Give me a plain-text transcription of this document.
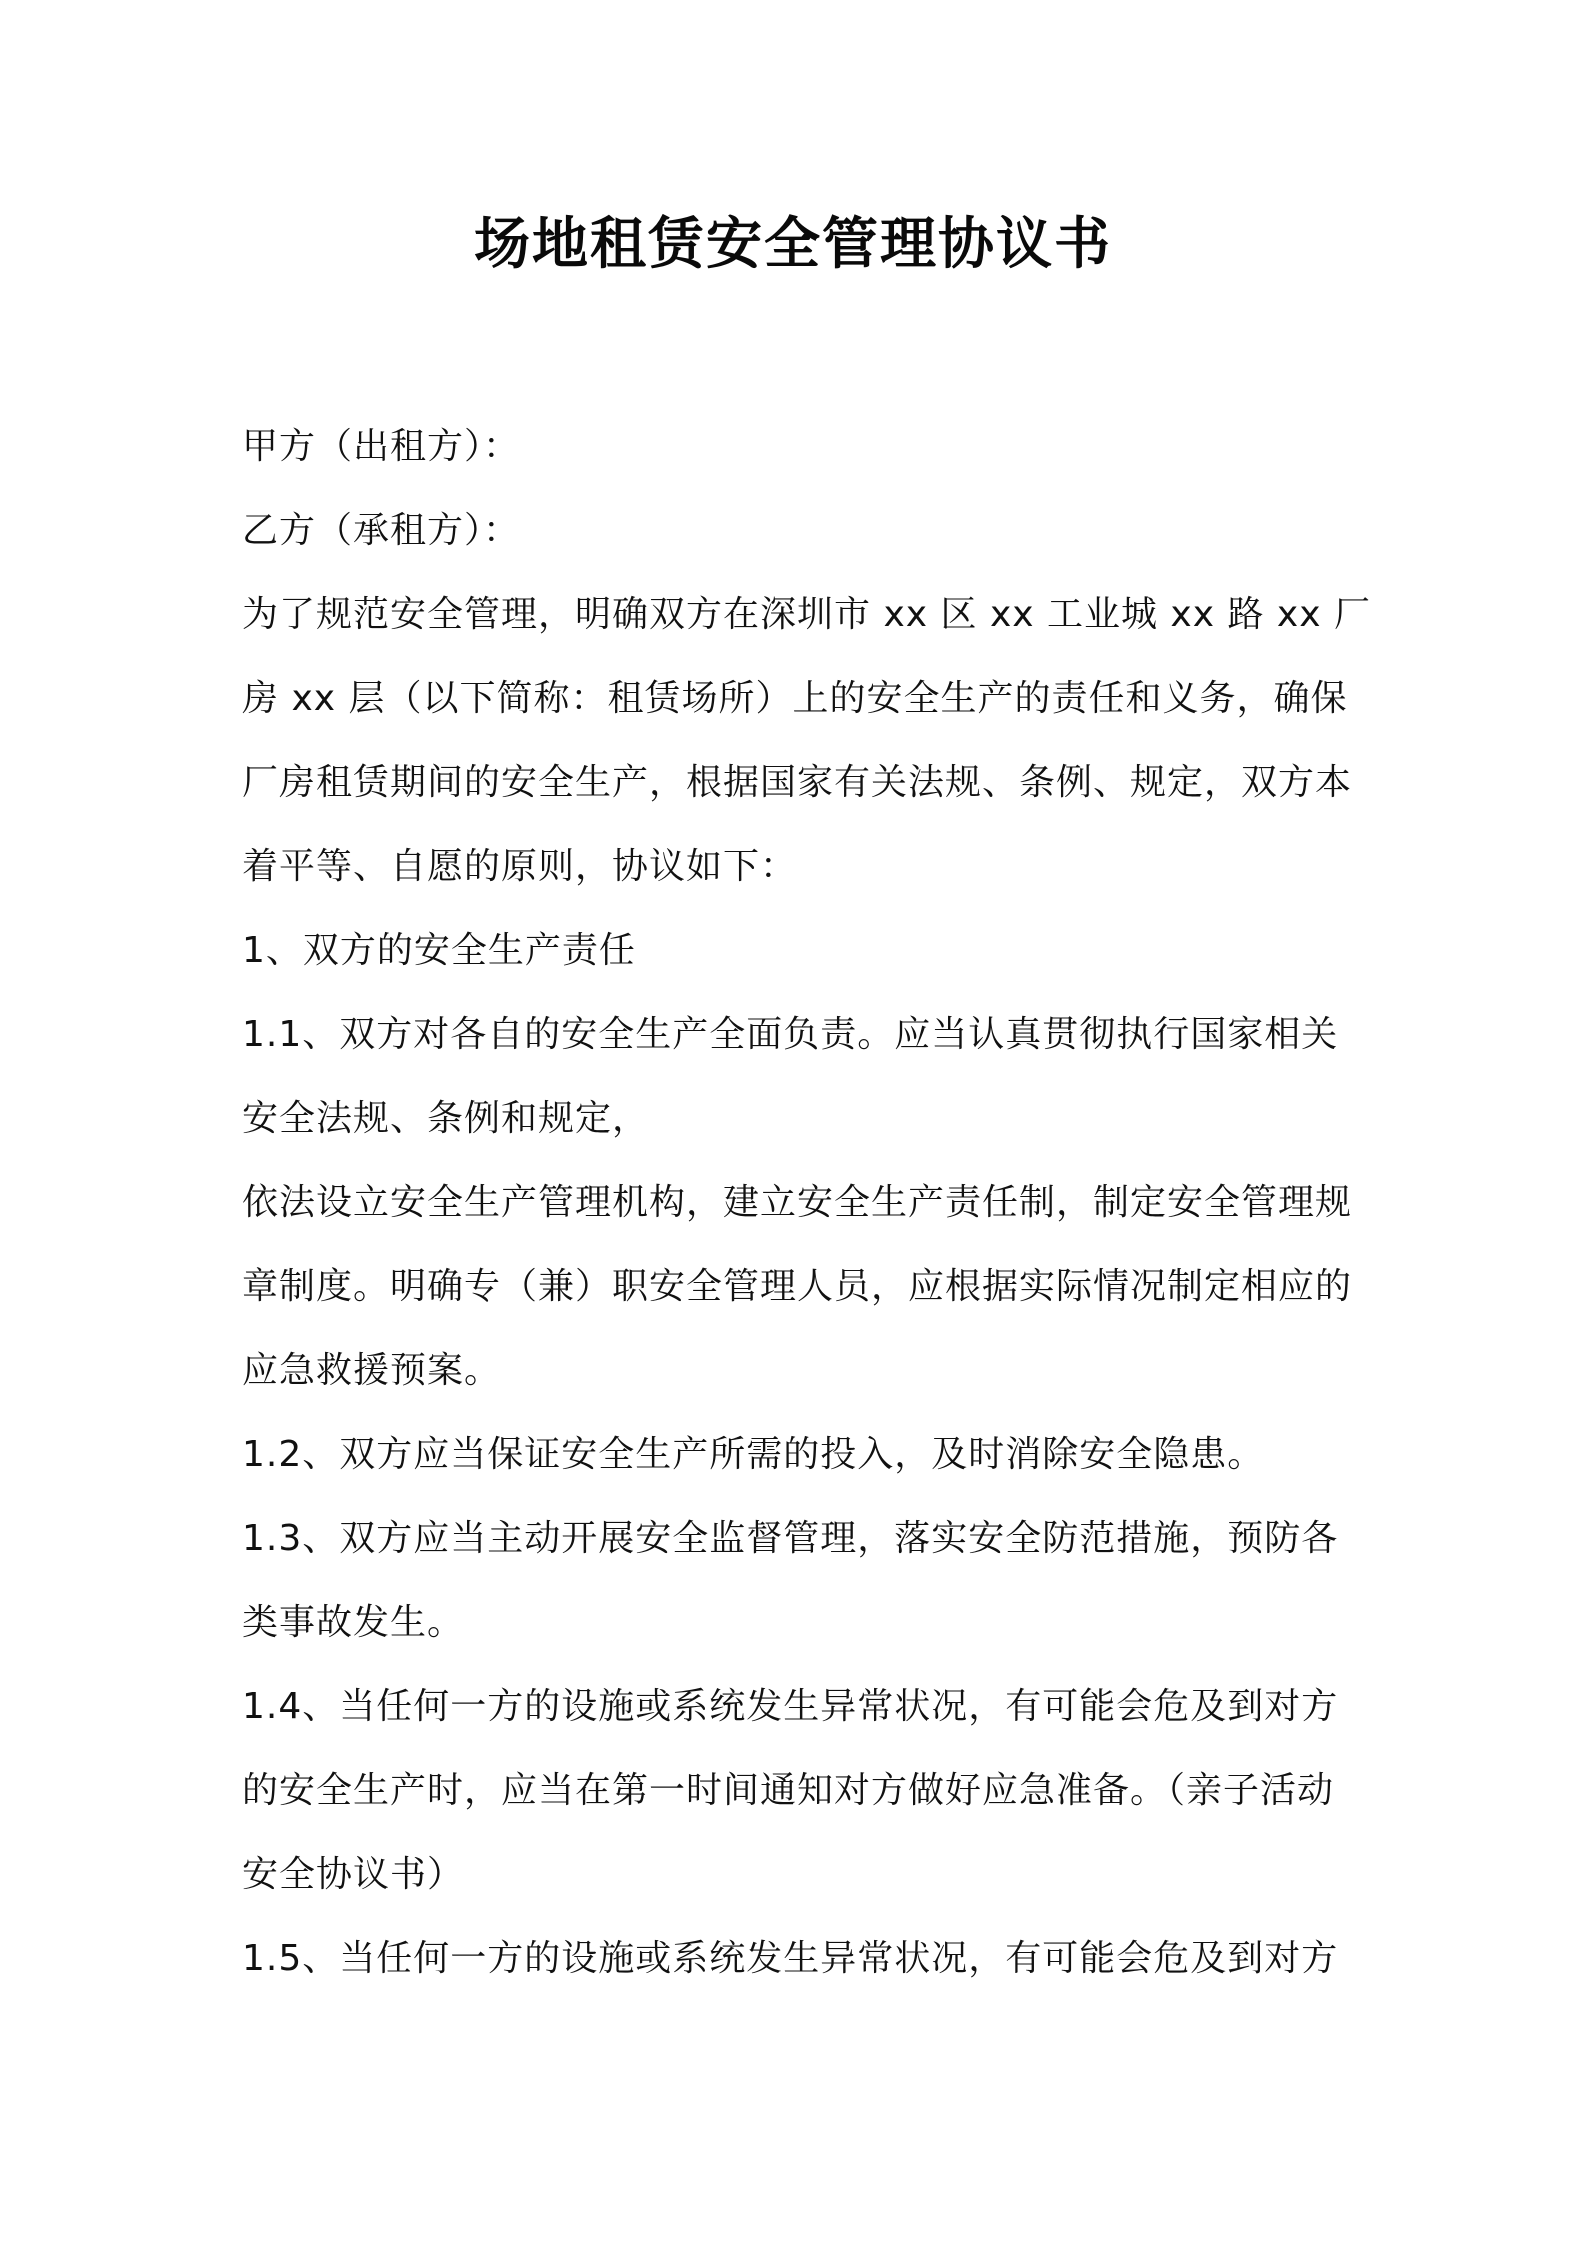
场地租赁安全管理协议书
甲方（出租方）：
乙方（承租方）：
为了规范安全管理，明确双方在深圳市 xx 区 xx 工业城 xx 路 xx 厂
房 xx 层（以下简称：租赁场所）上的安全生产的责任和义务，确保
厂房租赁期间的安全生产，根据国家有关法规、条例、规定，双方本
着平等、自愿的原则，协议如下：
1、双方的安全生产责任
1.1、双方对各自的安全生产全面负责。应当认真贯彻执行国家相关
安全法规、条例和规定，
依法设立安全生产管理机构，建立安全生产责任制，制定安全管理规
章制度。明确专（兼）职安全管理人员，应根据实际情况制定相应的
应急救援预案。
1.2、双方应当保证安全生产所需的投入，及时消除安全隐患。
1.3、双方应当主动开展安全监督管理，落实安全防范措施，预防各
类事故发生。
1.4、当任何一方的设施或系统发生异常状况，有可能会危及到对方
的安全生产时，应当在第一时间通知对方做好应急准备。（亲子活动
安全协议书）
1.5、当任何一方的设施或系统发生异常状况，有可能会危及到对方
